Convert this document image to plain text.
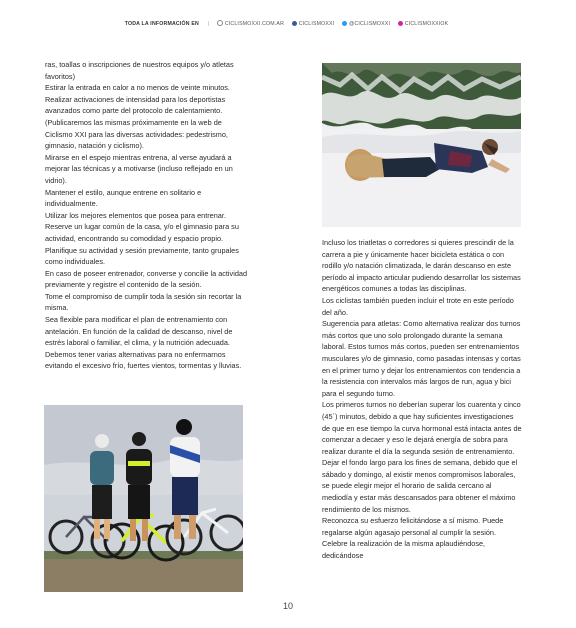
TODA LA INFORMACIÓN EN |	CICLISMOXXI.COM.AR	CICLISMOXXI	@CICLISMOXXI	CICLISMOXXIOK

ras, toallas o inscripciones de nuestros equipos y/o atletas favoritos)

Estirar la entrada en calor a no menos de veinte minutos.

Realizar activaciones de intensidad para los deportistas avanzados como parte del protocolo de calentamiento. (Publicaremos las mismas próximamente en la web de Ciclismo XXI para las diversas actividades: pedestrismo, gimnasio, natación y ciclismo).

Mirarse en el espejo mientras entrena, al verse ayudará a mejorar las técnicas y a motivarse (incluso reflejado en un vidrio).

Mantener el estilo, aunque entrene en solitario e individualmente.

Utilizar los mejores elementos que posea para entrenar.

Reserve un lugar común de la casa, y/o el gimnasio para su actividad, encontrando su comodidad y espacio propio.

Planifique su actividad y sesión previamente, tanto grupales como individuales.

En caso de poseer entrenador, converse y concilie la actividad previamente y registre el contenido de la sesión.

Tome el compromiso de cumplir toda la sesión sin recortar la misma.

Sea flexible para modificar el plan de entrenamiento con antelación. En función de la calidad de descanso, nivel de estrés laboral o familiar, el clima, y la nutrición adecuada. Debemos tener varias alternativas para no enfermarnos evitando el excesivo frío, fuertes vientos, tormentas y lluvias.

Incluso los triatletas o corredores si quieres prescindir de la carrera a pie y únicamente hacer bicicleta estática o con rodillo y/o natación climatizada, le darán descanso en este período al impacto articular pudiendo desarrollar los sistemas energéticos comunes a todas las disciplinas.

Los ciclistas también pueden incluir el trote en este período del año.

Sugerencia para atletas: Como alternativa realizar dos turnos más cortos que uno solo prolongado durante la semana laboral. Estos turnos más cortos, pueden ser entrenamientos musculares y/o de gimnasio, como pasadas intensas y cortas en el primer turno y dejar los entrenamientos con tendencia a la resistencia con intervalos más largos de run, agua y bici para el segundo turno.

Los primeros turnos no deberían superar los cuarenta y cinco (45´) minutos, debido a que hay suficientes investigaciones de que en ese tiempo la curva hormonal está intacta antes de comenzar a decaer y eso le dejará energía de sobra para realizar durante el día la segunda sesión de entrenamiento.

Dejar el fondo largo para los fines de semana, debido que el sábado y domingo, al existir menos compromisos laborales, se puede elegir mejor el horario de salida cercano al mediodía y estar más descansados para obtener el máximo rendimiento de los mismos.

Reconozca su esfuerzo felicitándose a sí mismo. Puede regalarse algún agasajo personal al cumplir la sesión. Celebre la realización de la misma aplaudiéndose, dedicándose

10
